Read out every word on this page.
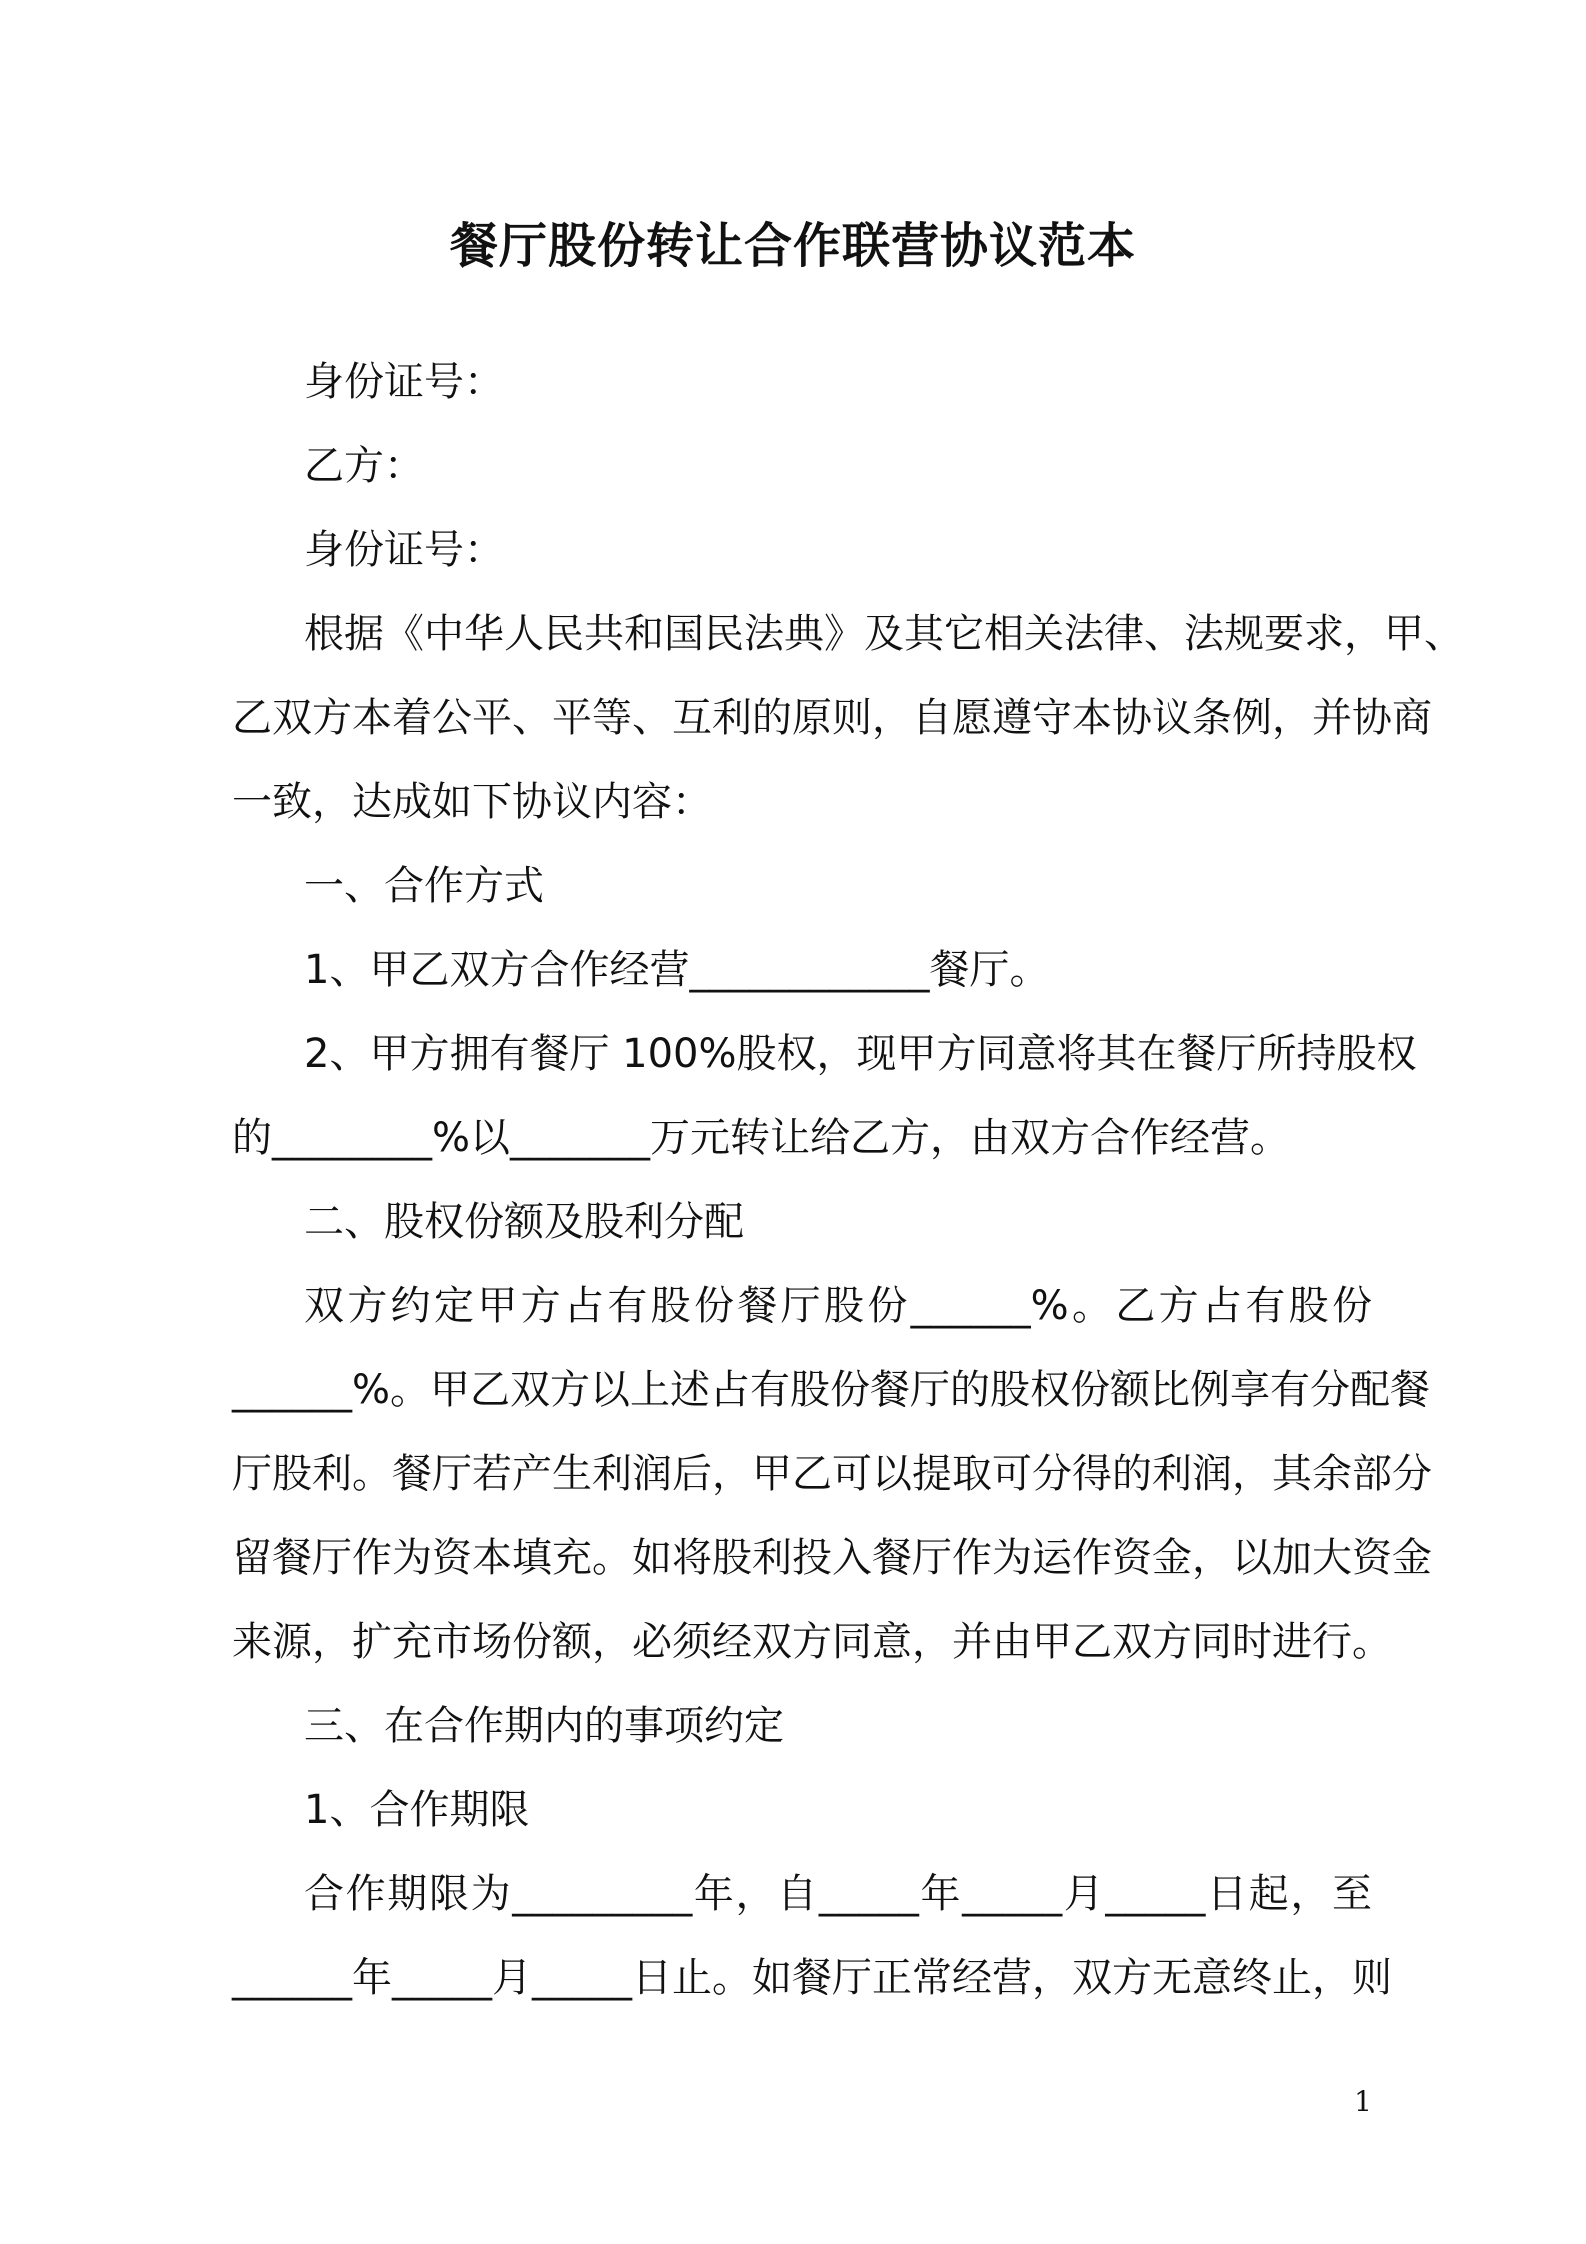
餐厅股份转让合作联营协议范本
身份证号：
乙方：
身份证号：
根据《中华人民共和国民法典》及其它相关法律、法规要求，甲、
乙双方本着公平、平等、互利的原则，自愿遵守本协议条例，并协商
一致，达成如下协议内容：
一、合作方式
1、甲乙双方合作经营____________餐厅。
2、甲方拥有餐厅 100%股权，现甲方同意将其在餐厅所持股权
的________%以_______万元转让给乙方，由双方合作经营。
二、股权份额及股利分配
双方约定甲方占有股份餐厅股份______%。乙方占有股份
______%。甲乙双方以上述占有股份餐厅的股权份额比例享有分配餐
厅股利。餐厅若产生利润后，甲乙可以提取可分得的利润，其余部分
留餐厅作为资本填充。如将股利投入餐厅作为运作资金，以加大资金
来源，扩充市场份额，必须经双方同意，并由甲乙双方同时进行。
三、在合作期内的事项约定
1、合作期限
合作期限为_________年，自_____年_____月_____日起，至
______年_____月_____日止。如餐厅正常经营，双方无意终止，则
1
